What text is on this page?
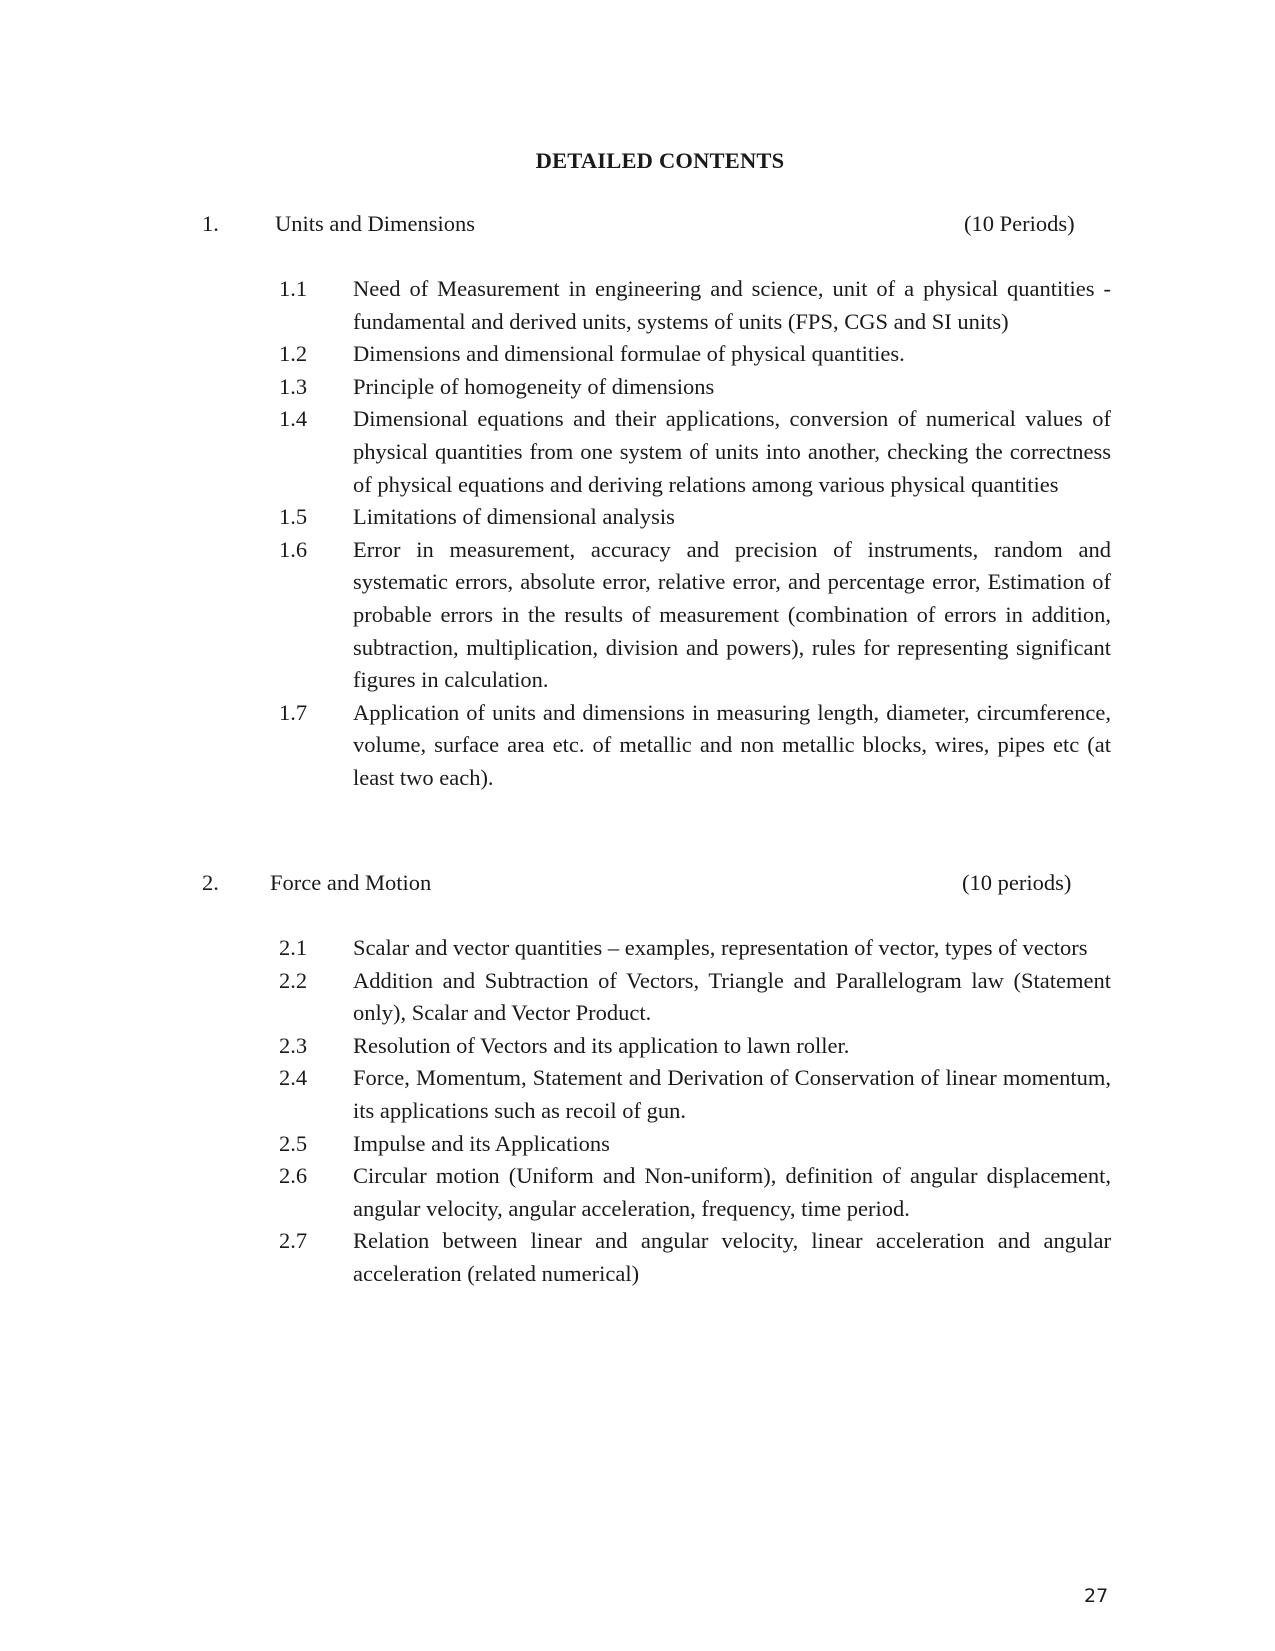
DETAILED CONTENTS
1. Units and Dimensions	(10 Periods)
1.1 Need of Measurement in engineering and science, unit of a physical quantities - fundamental and derived units, systems of units (FPS, CGS and SI units)
1.2 Dimensions and dimensional formulae of physical quantities.
1.3 Principle of homogeneity of dimensions
1.4 Dimensional equations and their applications, conversion of numerical values of physical quantities from one system of units into another, checking the correctness of physical equations and deriving relations among various physical quantities
1.5 Limitations of dimensional analysis
1.6 Error in measurement, accuracy and precision of instruments, random and systematic errors, absolute error, relative error, and percentage error, Estimation of probable errors in the results of measurement (combination of errors in addition, subtraction, multiplication, division and powers), rules for representing significant figures in calculation.
1.7 Application of units and dimensions in measuring length, diameter, circumference, volume, surface area etc. of metallic and non metallic blocks, wires, pipes etc (at least two each).
2. Force and Motion	(10 periods)
2.1 Scalar and vector quantities – examples, representation of vector, types of vectors
2.2 Addition and Subtraction of Vectors, Triangle and Parallelogram law (Statement only), Scalar and Vector Product.
2.3 Resolution of Vectors and its application to lawn roller.
2.4 Force, Momentum, Statement and Derivation of Conservation of linear momentum, its applications such as recoil of gun.
2.5 Impulse and its Applications
2.6 Circular motion (Uniform and Non-uniform), definition of angular displacement, angular velocity, angular acceleration, frequency, time period.
2.7 Relation between linear and angular velocity, linear acceleration and angular acceleration (related numerical)
27
